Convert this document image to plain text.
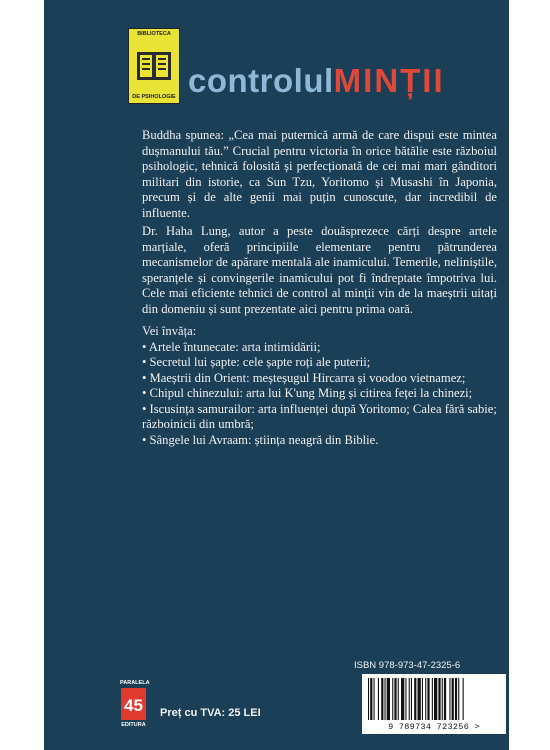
BIBLIOTECA
DE PSIHOLOGIE controlulMINȚII
Buddha spunea: „Cea mai puternică armă de care dispui este mintea dușmanului tău.” Crucial pentru victoria în orice bătălie este războiul psihologic, tehnică folosită și perfecționată de cei mai mari gânditori militari din istorie, ca Sun Tzu, Yoritomo și Musashi în Japonia, precum și de alte genii mai puțin cunoscute, dar incredibil de influente.
Dr. Haha Lung, autor a peste douăsprezece cărți despre artele marțiale, oferă principiile elementare pentru pătrunderea mecanismelor de apărare mentală ale inamicului. Temerile, neliniștile, speranțele și convingerile inamicului pot fi îndreptate împotriva lui. Cele mai eficiente tehnici de control al minții vin de la maeștrii uitați din domeniu și sunt prezentate aici pentru prima oară.
Vei învăța:
• Artele întunecate: arta intimidării;
• Secretul lui șapte: cele șapte roți ale puterii;
• Maeștrii din Orient: meșteșugul Hircarra și voodoo vietnamez;
• Chipul chinezului: arta lui K'ung Ming și citirea feței la chinezi;
• Iscusința samurailor: arta influenței după Yoritomo; Calea fără sabie; războinicii din umbră;
• Sângele lui Avraam: știința neagră din Biblie.
ISBN 978-973-47-2325-6
9 789734 723256 >
PARALELA
45
EDITURA
Preț cu TVA: 25 LEI
